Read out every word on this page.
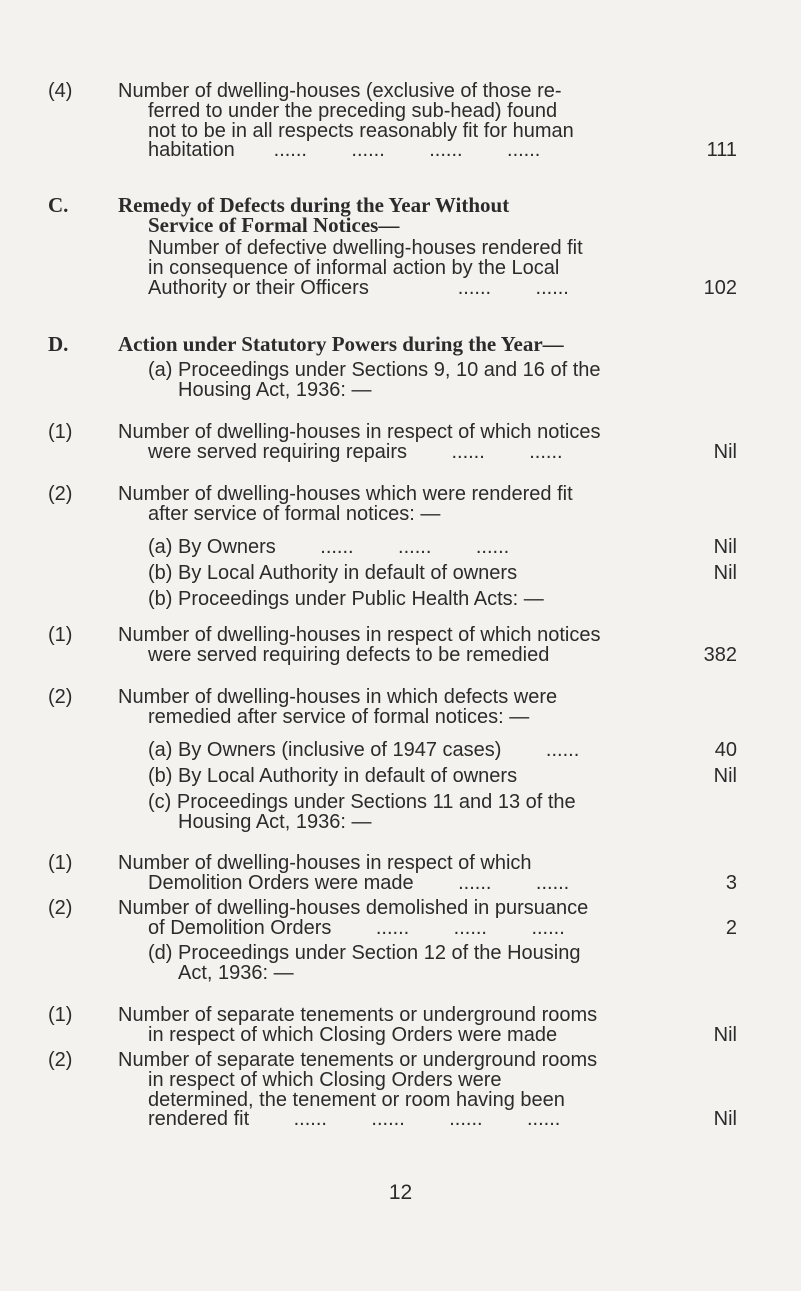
(4) Number of dwelling-houses (exclusive of those re-
ferred to under the preceding sub-head) found
not to be in all respects reasonably fit for human
habitation       ......        ......        ......        ......	111
C. Remedy of Defects during the Year Without
Service of Formal Notices—
Number of defective dwelling-houses rendered fit
in consequence of informal action by the Local
Authority or their Officers                ......        ......	102
D. Action under Statutory Powers during the Year—
(a) Proceedings under Sections 9, 10 and 16 of the
Housing Act, 1936: —
(1) Number of dwelling-houses in respect of which notices
were served requiring repairs        ......        ......	Nil
(2) Number of dwelling-houses which were rendered fit
after service of formal notices: —
(a) By Owners        ......        ......        ......	Nil
(b) By Local Authority in default of owners	Nil
(b) Proceedings under Public Health Acts: —
(1) Number of dwelling-houses in respect of which notices
were served requiring defects to be remedied	382
(2) Number of dwelling-houses in which defects were
remedied after service of formal notices: —
(a) By Owners (inclusive of 1947 cases)        ......	40
(b) By Local Authority in default of owners	Nil
(c) Proceedings under Sections 11 and 13 of the
Housing Act, 1936: —
(1) Number of dwelling-houses in respect of which
Demolition Orders were made        ......        ......	3
(2) Number of dwelling-houses demolished in pursuance
of Demolition Orders        ......        ......        ......	2
(d) Proceedings under Section 12 of the Housing
Act, 1936: —
(1) Number of separate tenements or underground rooms
in respect of which Closing Orders were made	Nil
(2) Number of separate tenements or underground rooms
in respect of which Closing Orders were
determined, the tenement or room having been
rendered fit        ......        ......        ......        ......	Nil
12
